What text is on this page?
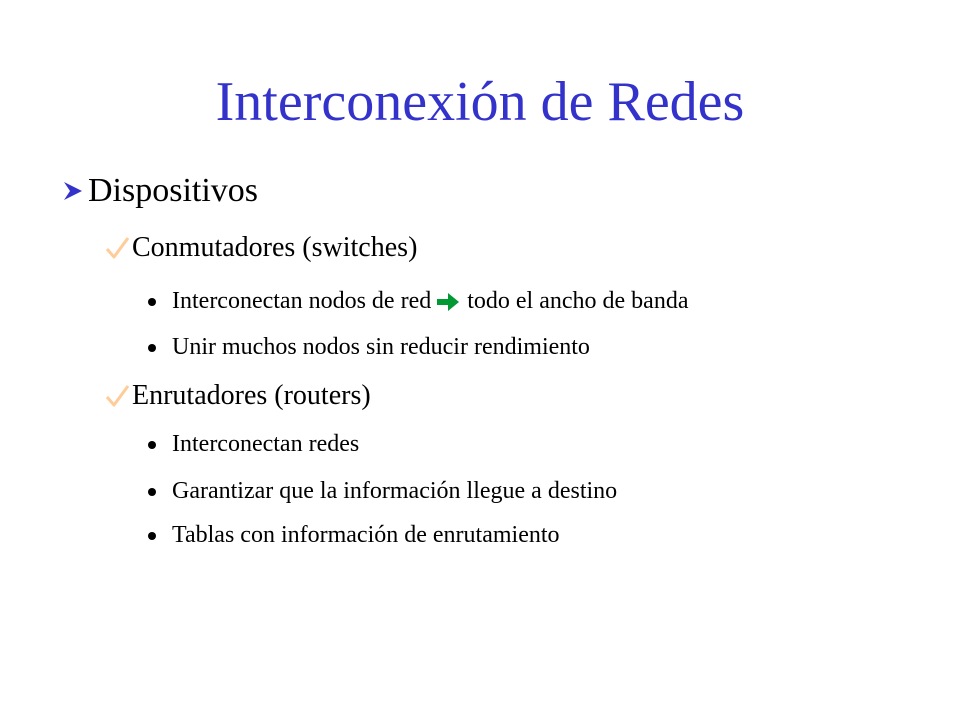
Interconexión de Redes
Dispositivos
Conmutadores (switches)
Interconectan nodos de red todo el ancho de banda
Unir muchos nodos sin reducir rendimiento
Enrutadores (routers)
Interconectan redes
Garantizar que la información llegue a destino
Tablas con información de enrutamiento
